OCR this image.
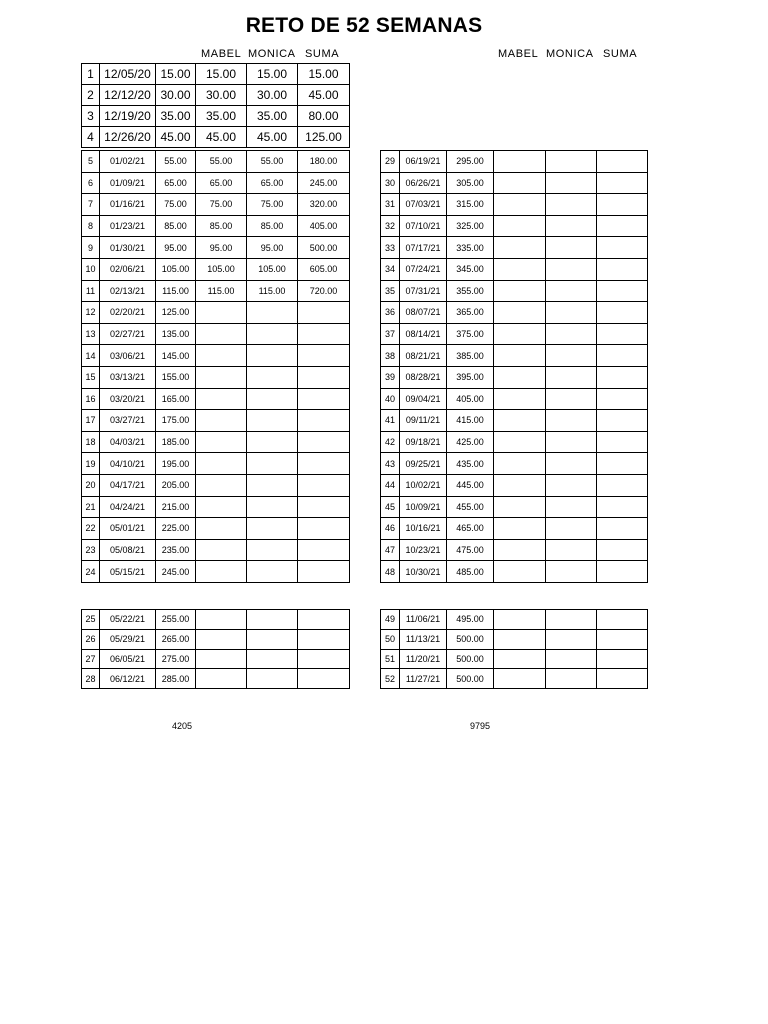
RETO DE 52 SEMANAS
MABEL MONICA SUMA	MABEL MONICA SUMA
1	12/05/20	15.00	15.00	15.00	15.00
2	12/12/20	30.00	30.00	30.00	45.00
3	12/19/20	35.00	35.00	35.00	80.00
4	12/26/20	45.00	45.00	45.00	125.00
5	01/02/21	55.00	55.00	55.00	180.00
6	01/09/21	65.00	65.00	65.00	245.00
7	01/16/21	75.00	75.00	75.00	320.00
8	01/23/21	85.00	85.00	85.00	405.00
9	01/30/21	95.00	95.00	95.00	500.00
10	02/06/21	105.00	105.00	105.00	605.00
11	02/13/21	115.00	115.00	115.00	720.00
12	02/20/21	125.00			
13	02/27/21	135.00			
14	03/06/21	145.00			
15	03/13/21	155.00			
16	03/20/21	165.00			
17	03/27/21	175.00			
18	04/03/21	185.00			
19	04/10/21	195.00			
20	04/17/21	205.00			
21	04/24/21	215.00			
22	05/01/21	225.00			
23	05/08/21	235.00			
24	05/15/21	245.00			
29	06/19/21	295.00			
30	06/26/21	305.00			
31	07/03/21	315.00			
32	07/10/21	325.00			
33	07/17/21	335.00			
34	07/24/21	345.00			
35	07/31/21	355.00			
36	08/07/21	365.00			
37	08/14/21	375.00			
38	08/21/21	385.00			
39	08/28/21	395.00			
40	09/04/21	405.00			
41	09/11/21	415.00			
42	09/18/21	425.00			
43	09/25/21	435.00			
44	10/02/21	445.00			
45	10/09/21	455.00			
46	10/16/21	465.00			
47	10/23/21	475.00			
48	10/30/21	485.00			
25	05/22/21	255.00			
26	05/29/21	265.00			
27	06/05/21	275.00			
28	06/12/21	285.00			
49	11/06/21	495.00			
50	11/13/21	500.00			
51	11/20/21	500.00			
52	11/27/21	500.00			
4205	9795
